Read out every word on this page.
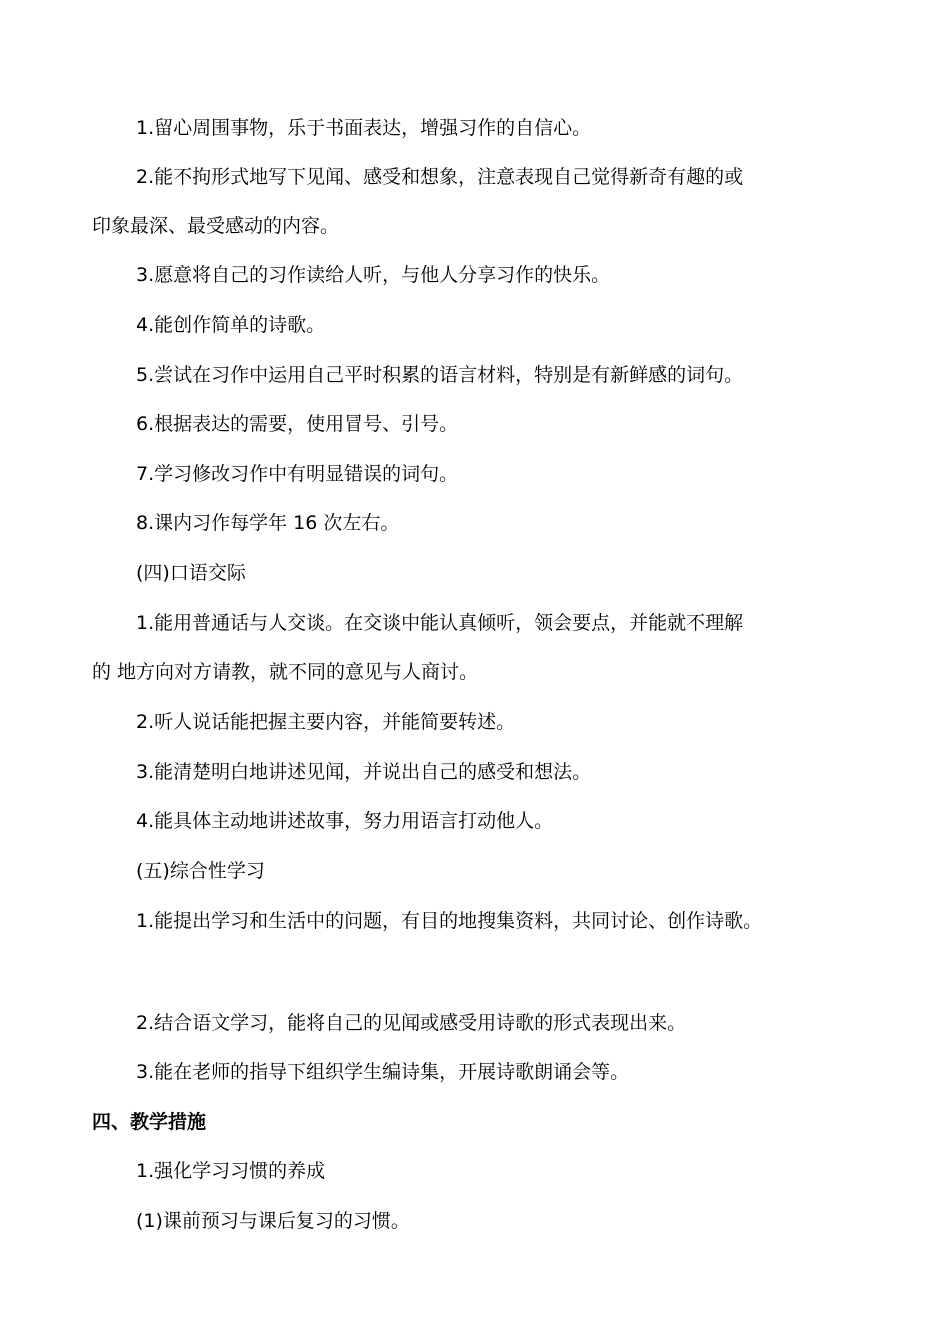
1.留心周围事物，乐于书面表达，增强习作的自信心。

2.能不拘形式地写下见闻、感受和想象，注意表现自己觉得新奇有趣的或

印象最深、最受感动的内容。

3.愿意将自己的习作读给人听，与他人分享习作的快乐。

4.能创作简单的诗歌。

5.尝试在习作中运用自己平时积累的语言材料，特别是有新鲜感的词句。

6.根据表达的需要，使用冒号、引号。

7.学习修改习作中有明显错误的词句。

8.课内习作每学年 16 次左右。

(四)口语交际

1.能用普通话与人交谈。在交谈中能认真倾听，领会要点，并能就不理解

的 地方向对方请教，就不同的意见与人商讨。

2.听人说话能把握主要内容，并能简要转述。

3.能清楚明白地讲述见闻，并说出自己的感受和想法。

4.能具体主动地讲述故事，努力用语言打动他人。

(五)综合性学习

1.能提出学习和生活中的问题，有目的地搜集资料，共同讨论、创作诗歌。

2.结合语文学习，能将自己的见闻或感受用诗歌的形式表现出来。

3.能在老师的指导下组织学生编诗集，开展诗歌朗诵会等。

四、教学措施

1.强化学习习惯的养成

(1)课前预习与课后复习的习惯。
